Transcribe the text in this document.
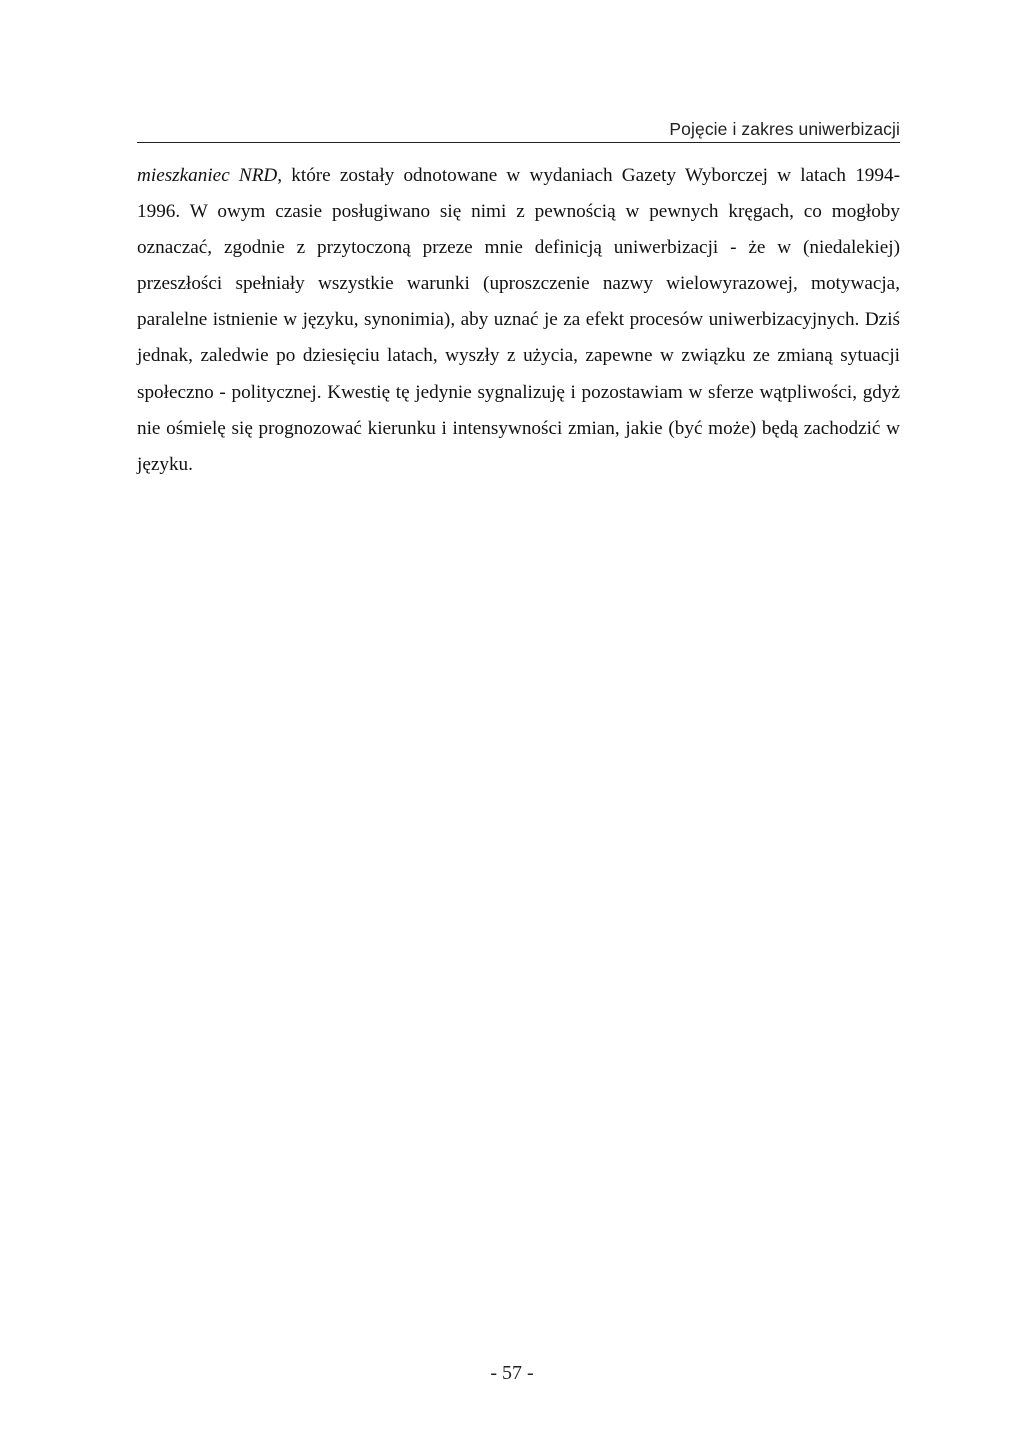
Pojęcie i zakres uniwerbizacji

mieszkaniec NRD, które zostały odnotowane w wydaniach Gazety Wyborczej w latach 1994-1996. W owym czasie posługiwano się nimi z pewnością w pewnych kręgach, co mogłoby oznaczać, zgodnie z przytoczoną przeze mnie definicją uniwerbizacji - że w (niedalekiej) przeszłości spełniały wszystkie warunki (uproszczenie nazwy wielowyrazowej, motywacja, paralelne istnienie w języku, synonimia), aby uznać je za efekt procesów uniwerbizacyjnych. Dziś jednak, zaledwie po dziesięciu latach, wyszły z użycia, zapewne w związku ze zmianą sytuacji społeczno - politycznej. Kwestię tę jedynie sygnalizuję i pozostawiam w sferze wątpliwości, gdyż nie ośmielę się prognozować kierunku i intensywności zmian, jakie (być może) będą zachodzić w języku.

- 57 -
